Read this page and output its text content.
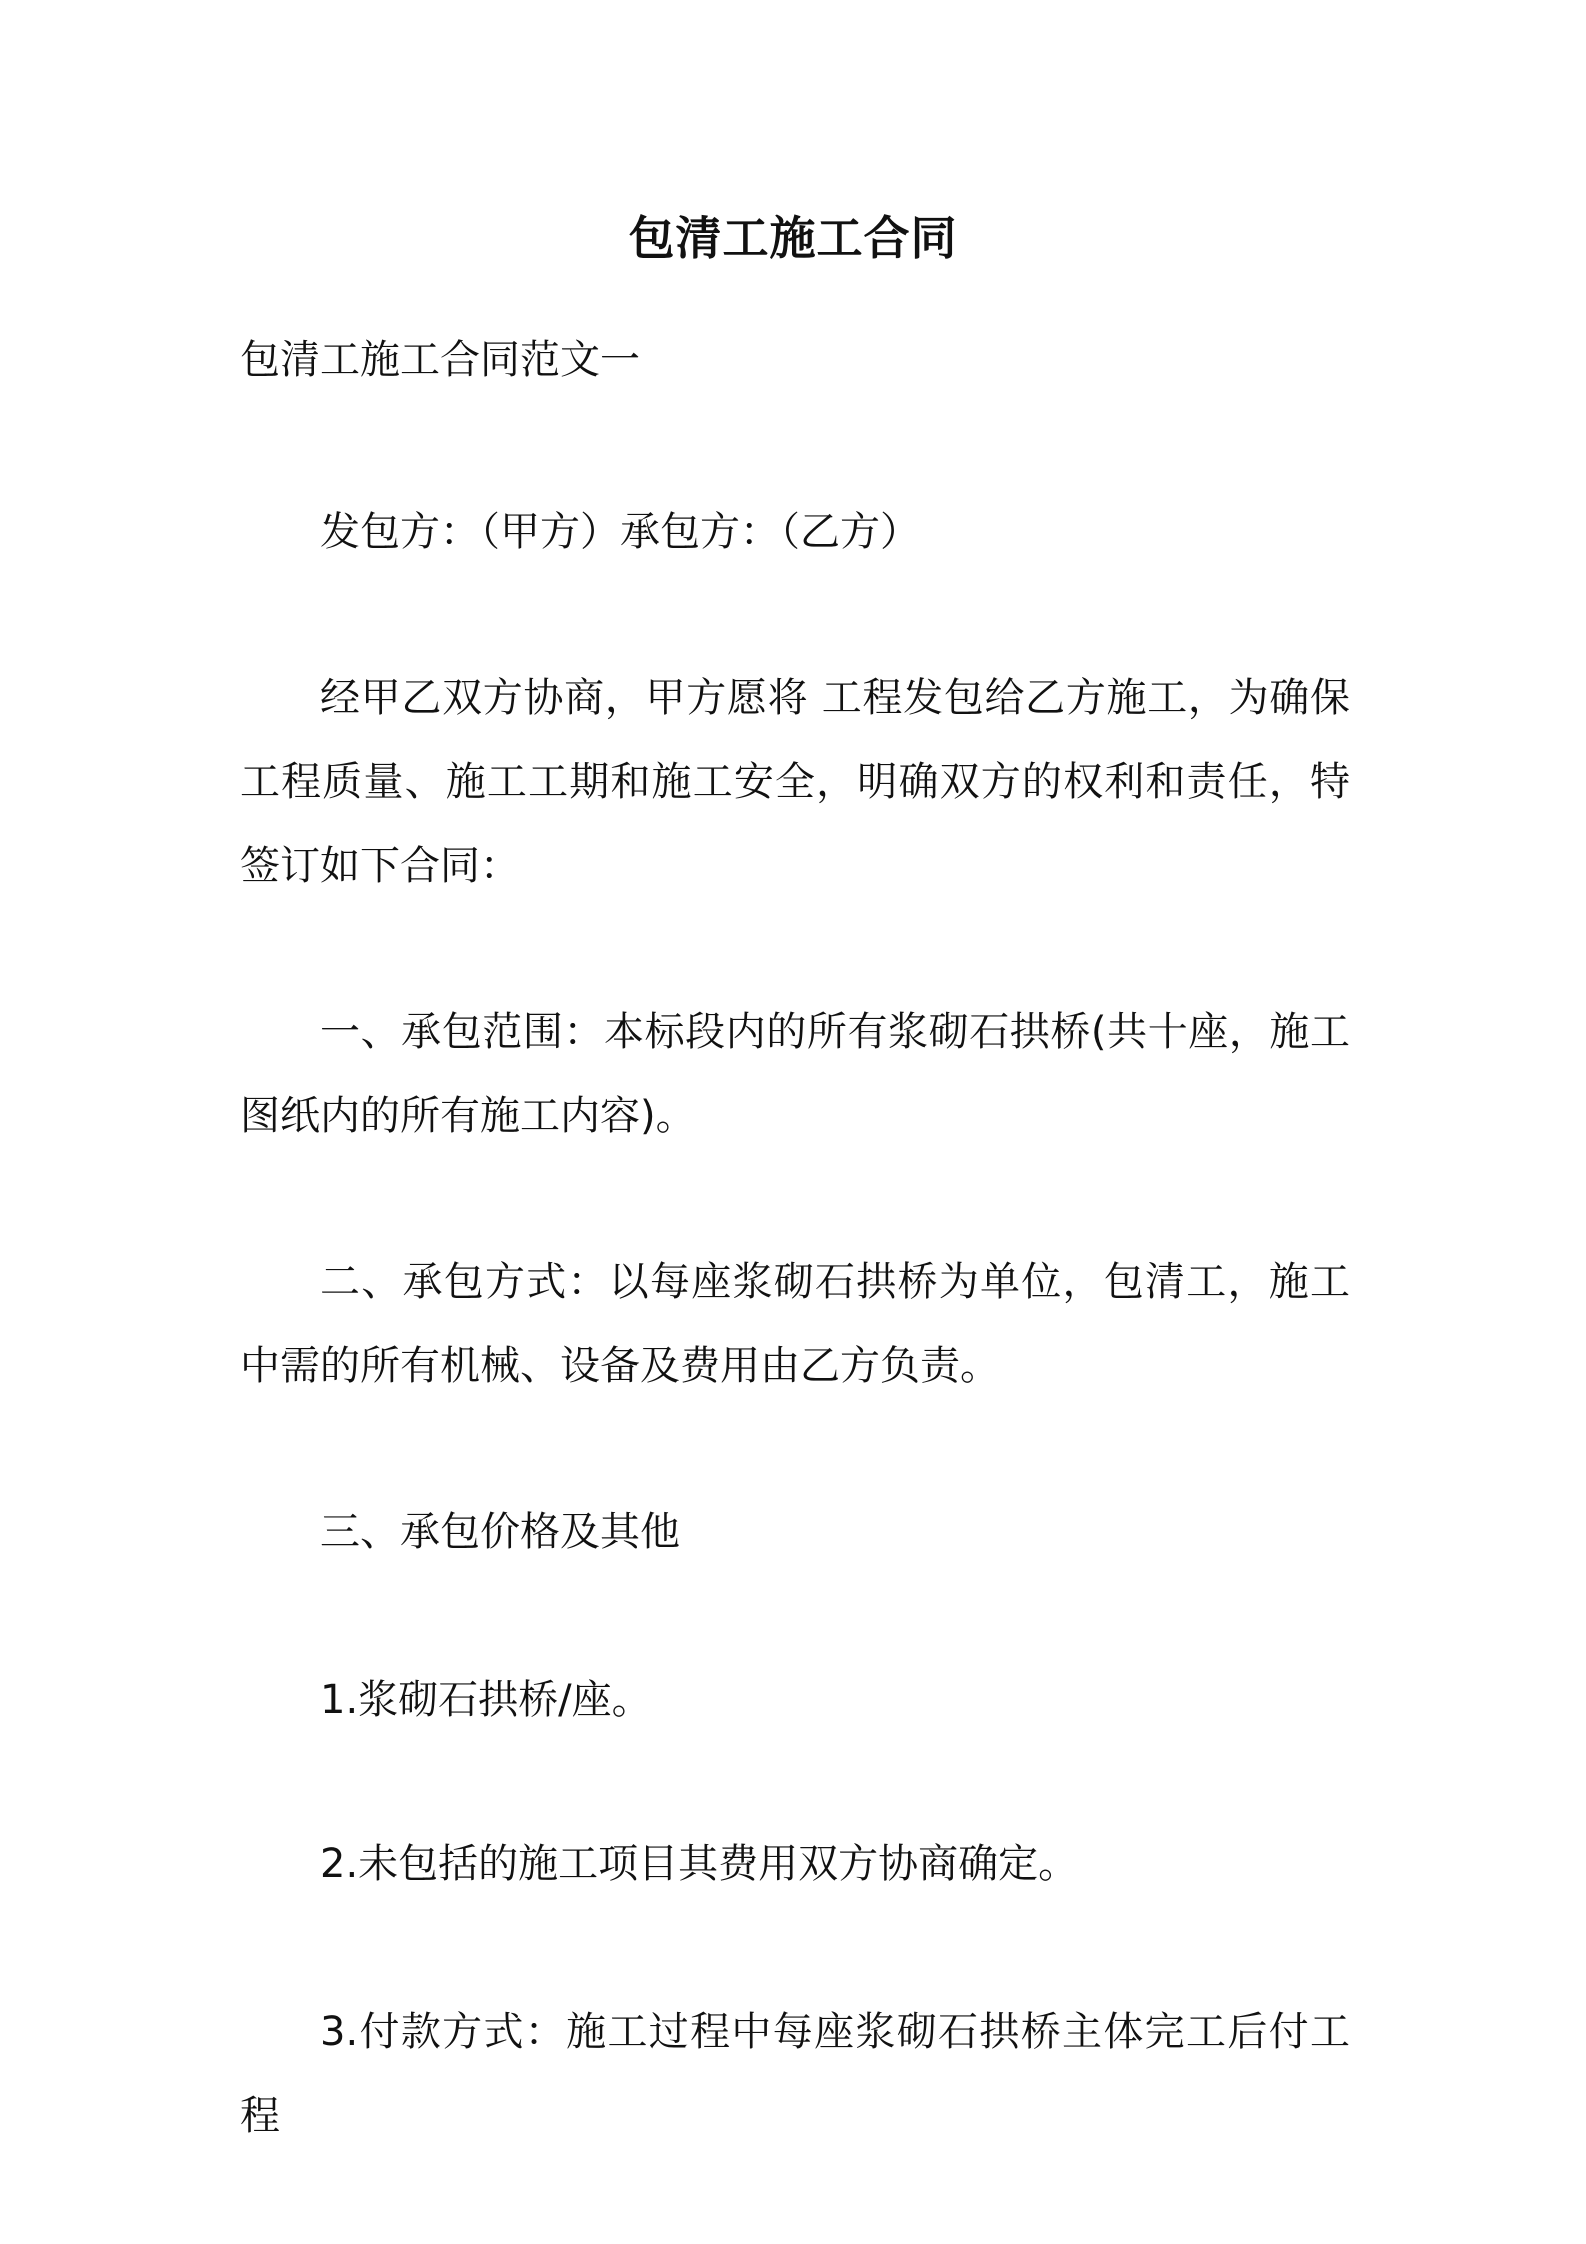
包清工施工合同
包清工施工合同范文一

发包方：（甲方）承包方：（乙方）

经甲乙双方协商，甲方愿将 工程发包给乙方施工，为确保工程质量、施工工期和施工安全，明确双方的权利和责任，特签订如下合同：

一、承包范围：本标段内的所有浆砌石拱桥(共十座，施工图纸内的所有施工内容)。

二、承包方式：以每座浆砌石拱桥为单位，包清工，施工中需的所有机械、设备及费用由乙方负责。

三、承包价格及其他

1.浆砌石拱桥/座。

2.未包括的施工项目其费用双方协商确定。

3.付款方式：施工过程中每座浆砌石拱桥主体完工后付工程
